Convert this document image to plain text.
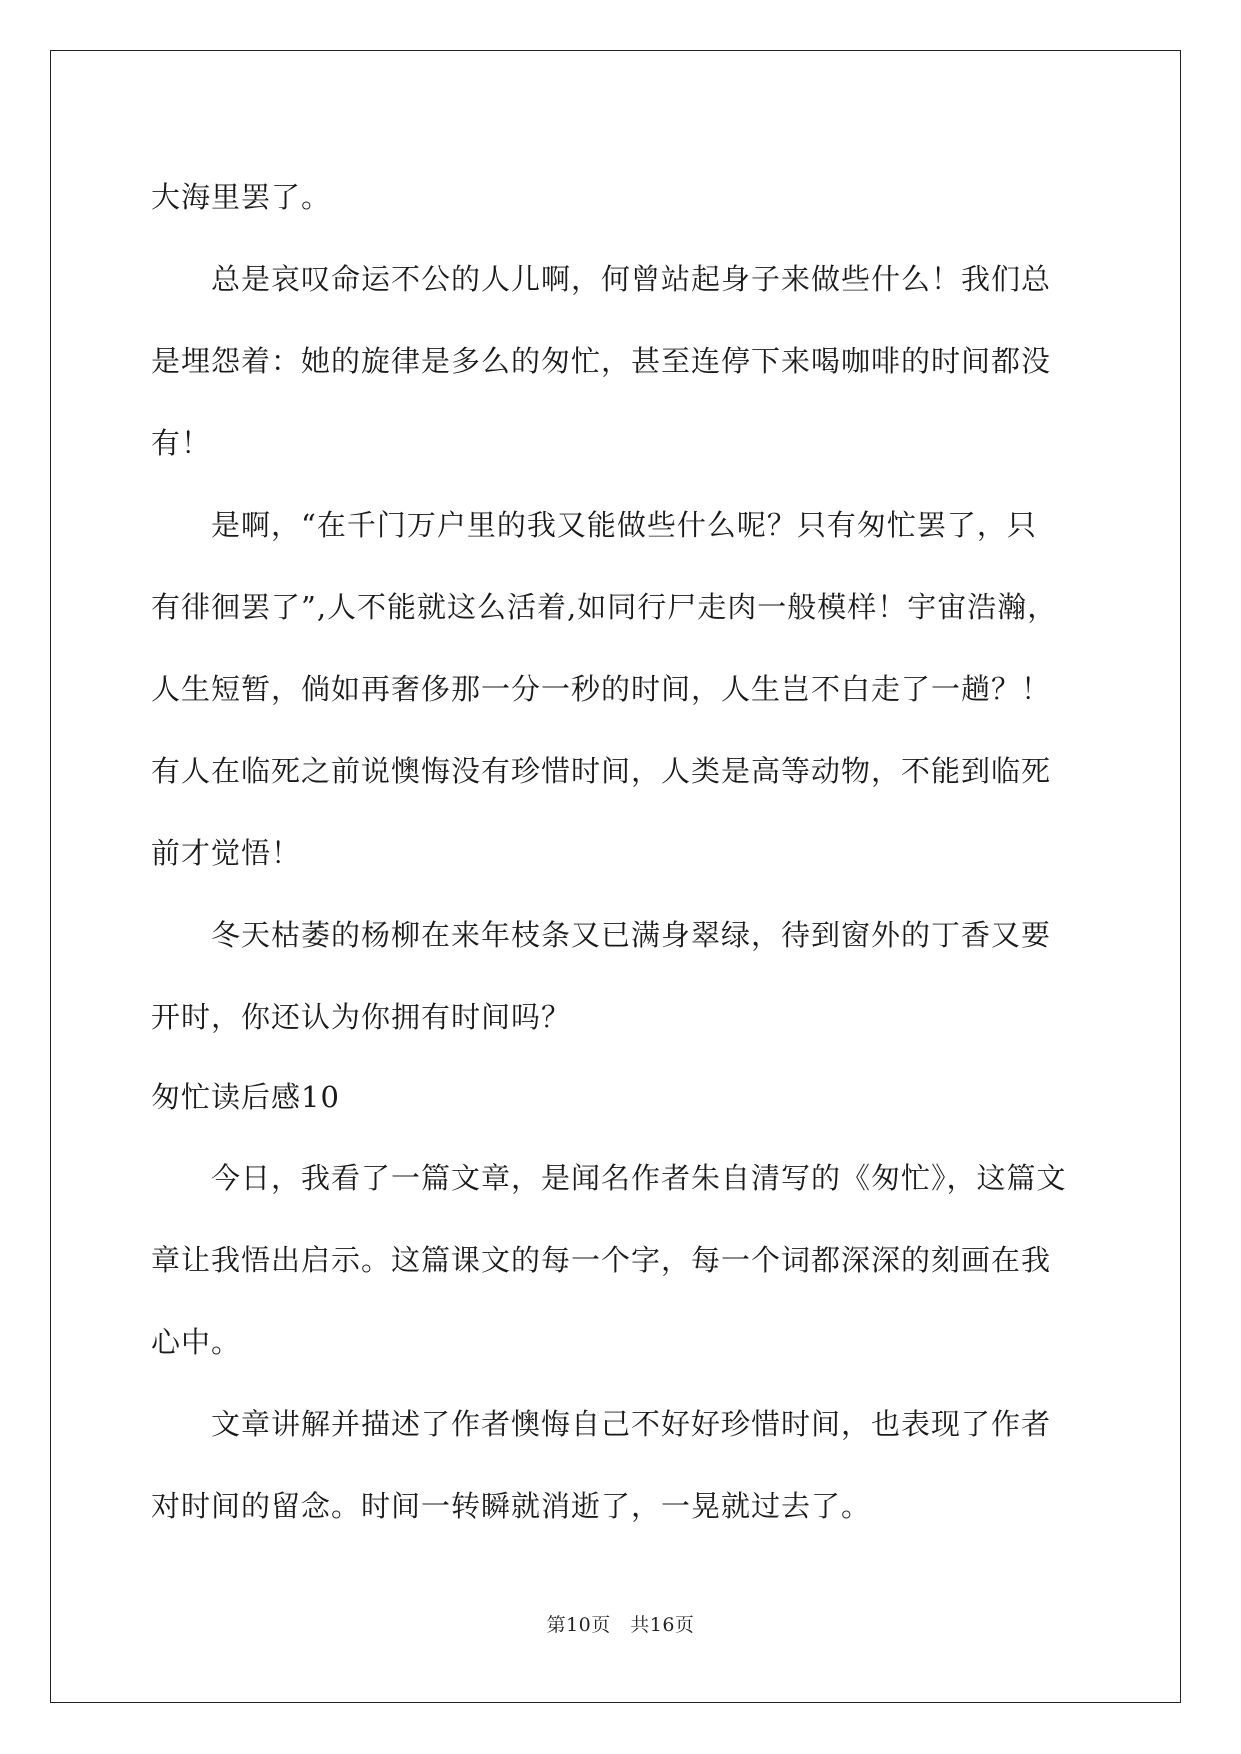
大海里罢了。
　　总是哀叹命运不公的人儿啊，何曾站起身子来做些什么！我们总
是埋怨着：她的旋律是多么的匆忙，甚至连停下来喝咖啡的时间都没
有！
　　是啊，“在千门万户里的我又能做些什么呢？只有匆忙罢了，只
有徘徊罢了”,人不能就这么活着,如同行尸走肉一般模样！宇宙浩瀚，
人生短暂，倘如再奢侈那一分一秒的时间，人生岂不白走了一趟？！
有人在临死之前说懊悔没有珍惜时间，人类是高等动物，不能到临死
前才觉悟！
　　冬天枯萎的杨柳在来年枝条又已满身翠绿，待到窗外的丁香又要
开时，你还认为你拥有时间吗？
匆忙读后感10
　　今日，我看了一篇文章，是闻名作者朱自清写的《匆忙》，这篇文
章让我悟出启示。这篇课文的每一个字，每一个词都深深的刻画在我
心中。
　　文章讲解并描述了作者懊悔自己不好好珍惜时间，也表现了作者
对时间的留念。时间一转瞬就消逝了，一晃就过去了。
第10页　共16页
